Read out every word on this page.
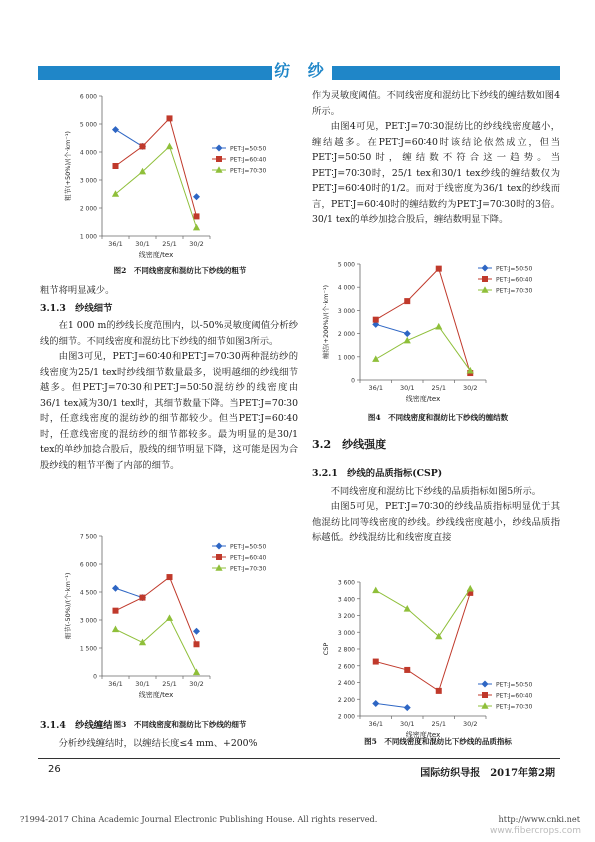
纺 纱
1 000
2 000
3 000
4 000
5 000
6 000
36/1 30/1 25/1 30/2
线密度/tex
粗节(+50%)/(个·km⁻¹)	PET∶J=50∶50
PET∶J=60∶40
PET∶J=70∶30
图2　不同线密度和混纺比下纱线的粗节

粗节将明显减少。

3.1.3　纱线细节

在1 000 m的纱线长度范围内，以-50%灵敏度阈值分析纱线的细节。不同线密度和混纺比下纱线的细节如图3所示。

由图3可见，PET∶J=60∶40和PET∶J=70∶30两种混纺纱的线密度为25/1 tex时纱线细节数量最多，说明越细的纱线细节越多。但PET∶J=70∶30和PET∶J=50∶50混纺纱的线密度由36/1 tex减为30/1 tex时，其细节数量下降。当PET∶J=70∶30时，任意线密度的混纺纱的细节都较少。但当PET∶J=60∶40时，任意线密度的混纺纱的细节都较多。最为明显的是30/1 tex的单纱加捻合股后，股线的细节明显下降，这可能是因为合股纱线的粗节平衡了内部的细节。

0
1 500
3 000
4 500
6 000
7 500
36/1 30/1 25/1 30/2
线密度/tex
细节(-50%)/(个·km⁻¹)
PET∶J=50∶50
PET∶J=60∶40
PET∶J=70∶30
图3　不同线密度和混纺比下纱线的细节

3.1.4　纱线缠结

分析纱线缠结时，以缠结长度≤4 mm、+200%

作为灵敏度阈值。不同线密度和混纺比下纱线的缠结数如图4所示。

由图4可见，PET∶J=70∶30混纺比的纱线线密度越小，缠结越多。在PET∶J=60∶40时该结论依然成立，但当PET∶J=50∶50时，缠结数不符合这一趋势。当PET∶J=70∶30时，25/1 tex和30/1 tex纱线的缠结数仅为PET∶J=60∶40时的1/2。而对于线密度为36/1 tex的纱线而言，PET∶J=60∶40时的缠结数约为PET∶J=70∶30时的3倍。30/1 tex的单纱加捻合股后，缠结数明显下降。

0
1 000
2 000
3 000
4 000
5 000
36/1	30/1	25/1	30/2
线密度/tex
缠结(+200%)/(个·km⁻¹)
PET∶J=50∶50
PET∶J=60∶40
PET∶J=70∶30
图4　不同线密度和混纺比下纱线的缠结数
3.2　纱线强度

3.2.1　纱线的品质指标(CSP)

不同线密度和混纺比下纱线的品质指标如图5所示。

由图5可见，PET∶J=70∶30的纱线品质指标明显优于其他混纺比同等线密度的纱线。纱线线密度越小，纱线品质指标越低。纱线混纺比和线密度直接

2 000
2 200
2 400
2 600
2 800
3 000
3 200
3 400
3 600
36/1	30/1	25/1	30/2
线密度/tex
CSP
PET∶J=50∶50
PET∶J=60∶40
PET∶J=70∶30
图5　不同线密度和混纺比下纱线的品质指标
26	国际纺织导报　2017年第2期
?1994-2017 China Academic Journal Electronic Publishing House. All rights reserved.	http://www.cnki.net
www.fibercrops.com
